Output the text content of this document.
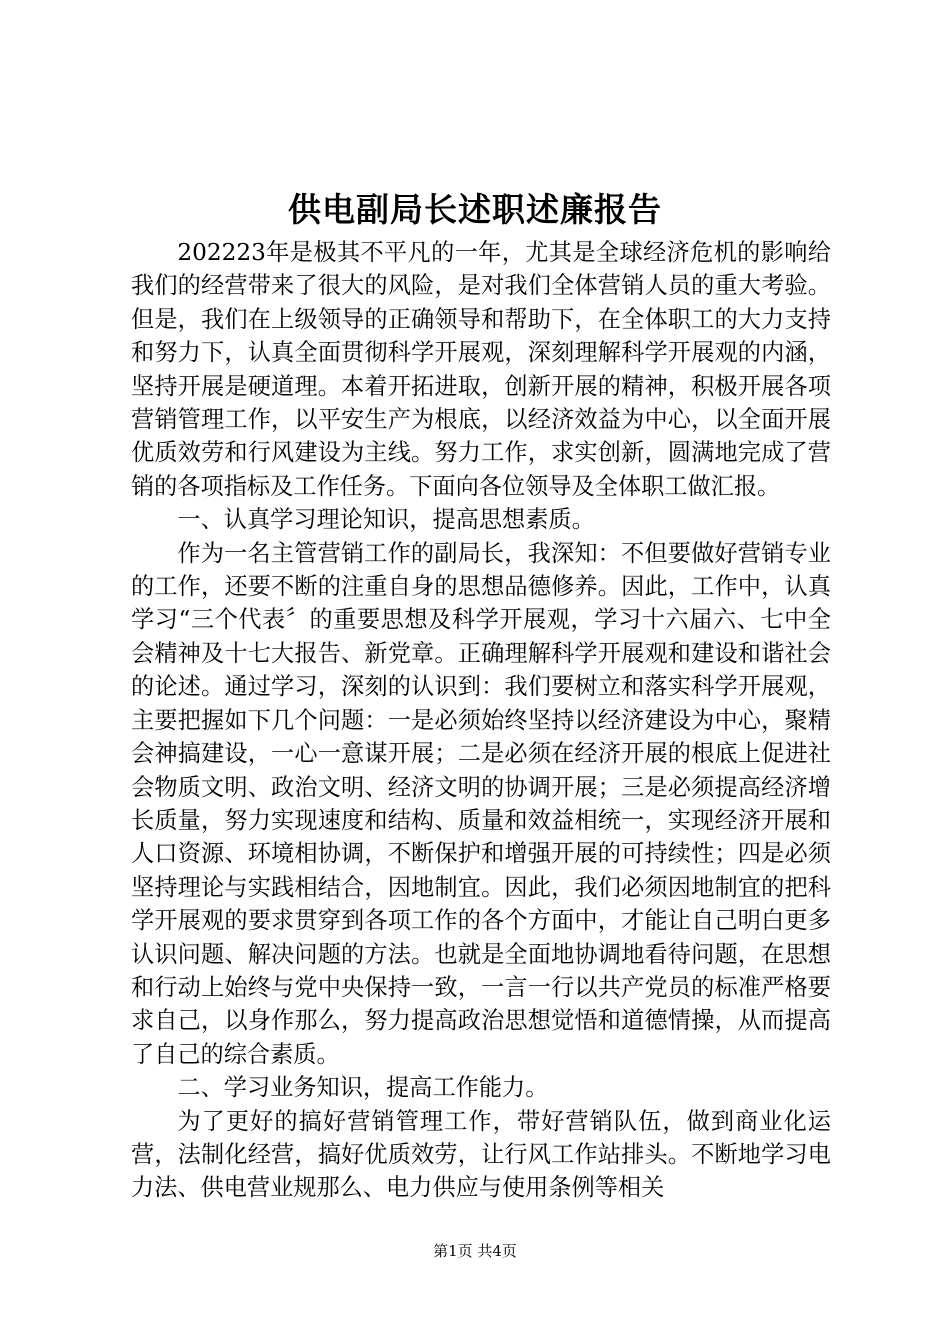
供电副局长述职述廉报告

202223年是极其不平凡的一年，尤其是全球经济危机的影响给我们的经营带来了很大的风险，是对我们全体营销人员的重大考验。但是，我们在上级领导的正确领导和帮助下，在全体职工的大力支持和努力下，认真全面贯彻科学开展观，深刻理解科学开展观的内涵，坚持开展是硬道理。本着开拓进取，创新开展的精神，积极开展各项营销管理工作，以平安生产为根底，以经济效益为中心，以全面开展优质效劳和行风建设为主线。努力工作，求实创新，圆满地完成了营销的各项指标及工作任务。下面向各位领导及全体职工做汇报。

一、认真学习理论知识，提高思想素质。

作为一名主管营销工作的副局长，我深知：不但要做好营销专业的工作，还要不断的注重自身的思想品德修养。因此，工作中，认真学习“三个代表〞的重要思想及科学开展观，学习十六届六、七中全会精神及十七大报告、新党章。正确理解科学开展观和建设和谐社会的论述。通过学习，深刻的认识到：我们要树立和落实科学开展观，主要把握如下几个问题：一是必须始终坚持以经济建设为中心，聚精会神搞建设，一心一意谋开展；二是必须在经济开展的根底上促进社会物质文明、政治文明、经济文明的协调开展；三是必须提高经济增长质量，努力实现速度和结构、质量和效益相统一，实现经济开展和人口资源、环境相协调，不断保护和增强开展的可持续性；四是必须坚持理论与实践相结合，因地制宜。因此，我们必须因地制宜的把科学开展观的要求贯穿到各项工作的各个方面中，才能让自己明白更多认识问题、解决问题的方法。也就是全面地协调地看待问题，在思想和行动上始终与党中央保持一致，一言一行以共产党员的标准严格要求自己，以身作那么，努力提高政治思想觉悟和道德情操，从而提高了自己的综合素质。

二、学习业务知识，提高工作能力。

为了更好的搞好营销管理工作，带好营销队伍，做到商业化运营，法制化经营，搞好优质效劳，让行风工作站排头。不断地学习电力法、供电营业规那么、电力供应与使用条例等相关

第1页 共4页
